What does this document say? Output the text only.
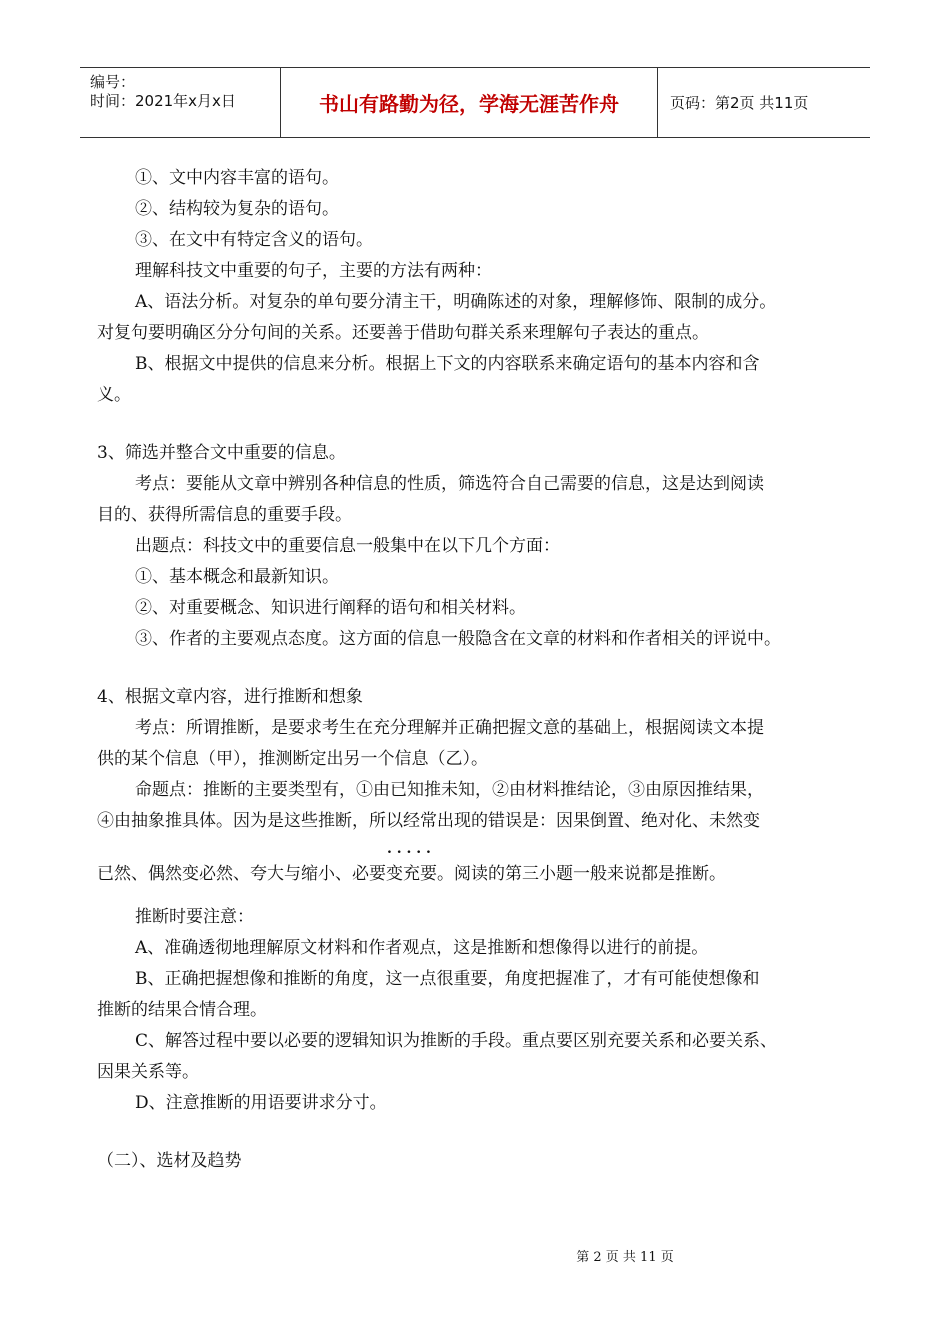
编号：
时间：2021年x月x日	书山有路勤为径，学海无涯苦作舟	页码：第2页 共11页

①、文中内容丰富的语句。

②、结构较为复杂的语句。

③、在文中有特定含义的语句。

理解科技文中重要的句子，主要的方法有两种：

A、语法分析。对复杂的单句要分清主干，明确陈述的对象，理解修饰、限制的成分。

对复句要明确区分分句间的关系。还要善于借助句群关系来理解句子表达的重点。

B、根据文中提供的信息来分析。根据上下文的内容联系来确定语句的基本内容和含

义。

3、筛选并整合文中重要的信息。

考点：要能从文章中辨别各种信息的性质，筛选符合自己需要的信息，这是达到阅读

目的、获得所需信息的重要手段。

出题点：科技文中的重要信息一般集中在以下几个方面：

①、基本概念和最新知识。

②、对重要概念、知识进行阐释的语句和相关材料。

③、作者的主要观点态度。这方面的信息一般隐含在文章的材料和作者相关的评说中。

4、根据文章内容，进行推断和想象

考点：所谓推断，是要求考生在充分理解并正确把握文意的基础上，根据阅读文本提

供的某个信息（甲），推测断定出另一个信息（乙）。

命题点：推断的主要类型有，①由已知推未知，②由材料推结论，③由原因推结果，

④由抽象推具体。因为是这些推断，所以经常出现的错误是：因果倒置、绝对化、未然变

. . . . .

已然、偶然变必然、夸大与缩小、必要变充要。阅读的第三小题一般来说都是推断。

推断时要注意：

A、准确透彻地理解原文材料和作者观点，这是推断和想像得以进行的前提。

B、正确把握想像和推断的角度，这一点很重要，角度把握准了，才有可能使想像和

推断的结果合情合理。

C、解答过程中要以必要的逻辑知识为推断的手段。重点要区别充要关系和必要关系、

因果关系等。

D、注意推断的用语要讲求分寸。

（二）、选材及趋势

第 2 页 共 11 页
